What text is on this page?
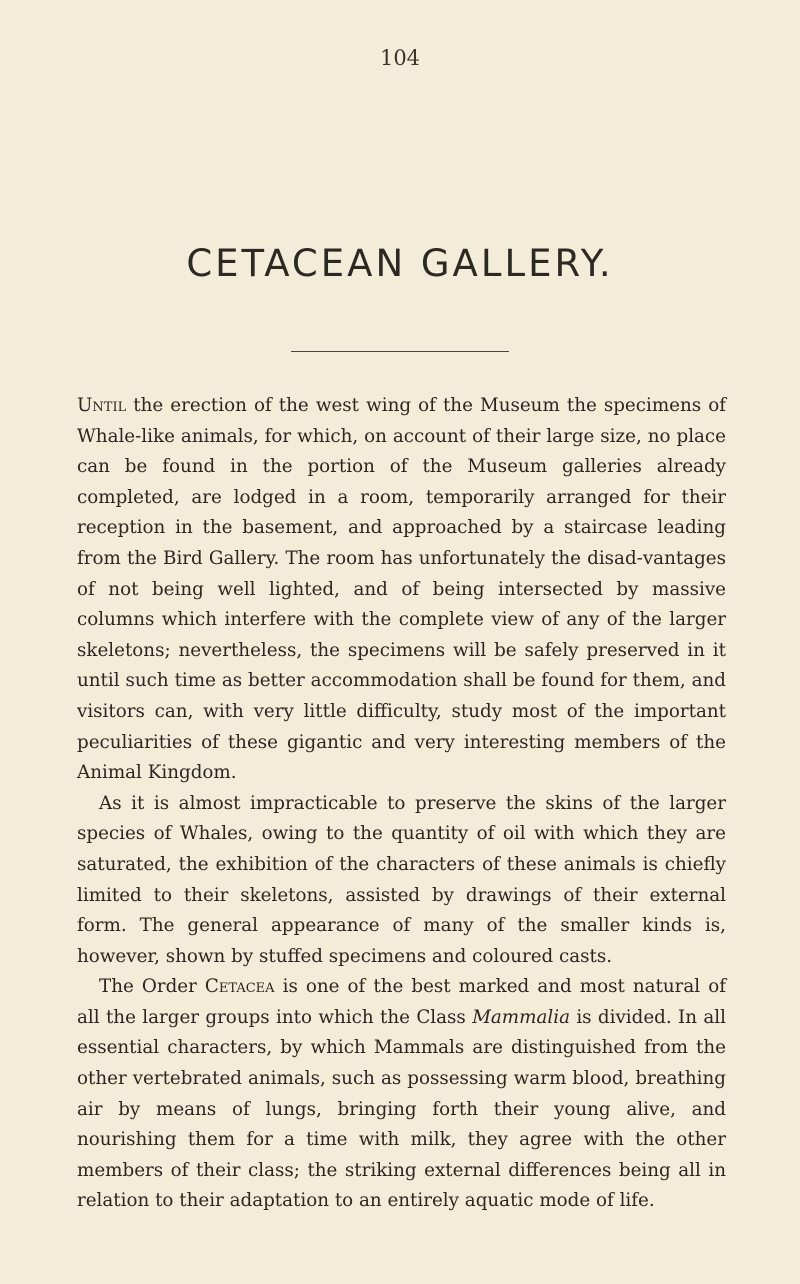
104
CETACEAN GALLERY.

Until the erection of the west wing of the Museum the specimens of Whale-like animals, for which, on account of their large size, no place can be found in the portion of the Museum galleries already completed, are lodged in a room, temporarily arranged for their reception in the basement, and approached by a staircase leading from the Bird Gallery. The room has unfortunately the disad-vantages of not being well lighted, and of being intersected by massive columns which interfere with the complete view of any of the larger skeletons; nevertheless, the specimens will be safely preserved in it until such time as better accommodation shall be found for them, and visitors can, with very little difficulty, study most of the important peculiarities of these gigantic and very interesting members of the Animal Kingdom.

As it is almost impracticable to preserve the skins of the larger species of Whales, owing to the quantity of oil with which they are saturated, the exhibition of the characters of these animals is chiefly limited to their skeletons, assisted by drawings of their external form. The general appearance of many of the smaller kinds is, however, shown by stuffed specimens and coloured casts.

The Order Cetacea is one of the best marked and most natural of all the larger groups into which the Class Mammalia is divided. In all essential characters, by which Mammals are distinguished from the other vertebrated animals, such as possessing warm blood, breathing air by means of lungs, bringing forth their young alive, and nourishing them for a time with milk, they agree with the other members of their class; the striking external differences being all in relation to their adaptation to an entirely aquatic mode of life.
